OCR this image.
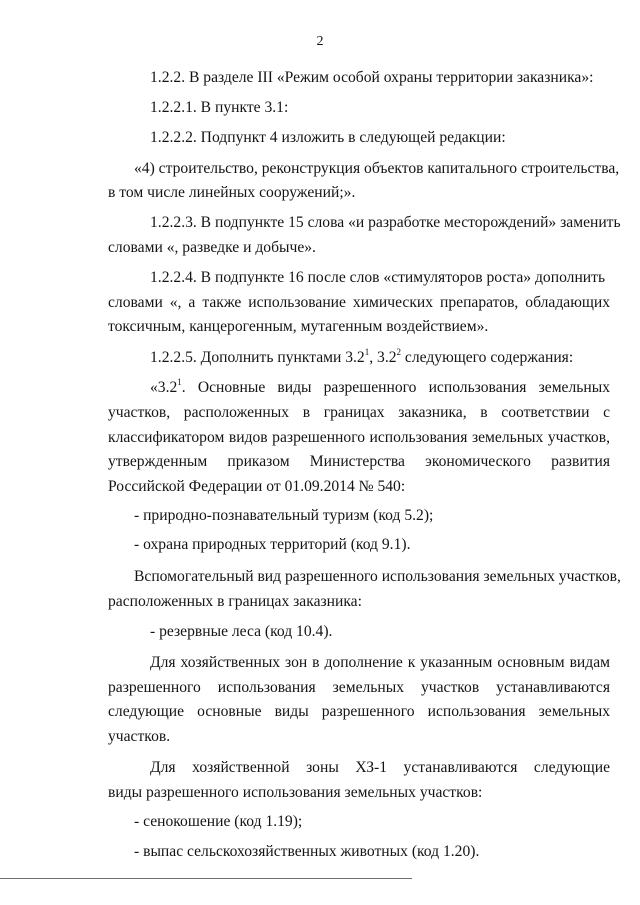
2
1.2.2. В разделе III «Режим особой охраны территории заказника»:
1.2.2.1. В пункте 3.1:
1.2.2.2. Подпункт 4 изложить в следующей редакции:
«4) строительство, реконструкция объектов капитального строительства,
в том числе линейных сооружений;».
1.2.2.3. В подпункте 15 слова «и разработке месторождений» заменить
словами «, разведке и добыче».
1.2.2.4. В подпункте 16 после слов «стимуляторов роста» дополнить
словами «, а также использование химических препаратов, обладающих
токсичным, канцерогенным, мутагенным воздействием».
1.2.2.5. Дополнить пунктами $3.2^1$, $3.2^2$ следующего содержания:
«$3.2^1$. Основные виды разрешенного использования земельных
участков, расположенных в границах заказника, в соответствии с
классификатором видов разрешенного использования земельных участков,
утвержденным приказом Министерства экономического развития
Российской Федерации от 01.09.2014 № 540:
- природно-познавательный туризм (код 5.2);
- охрана природных территорий (код 9.1).
Вспомогательный вид разрешенного использования земельных участков,
расположенных в границах заказника:
- резервные леса (код 10.4).
Для хозяйственных зон в дополнение к указанным основным видам
разрешенного использования земельных участков устанавливаются
следующие основные виды разрешенного использования земельных
участков.
Для хозяйственной зоны ХЗ-1 устанавливаются следующие
виды разрешенного использования земельных участков:
- сенокошение (код 1.19);
- выпас сельскохозяйственных животных (код 1.20).
